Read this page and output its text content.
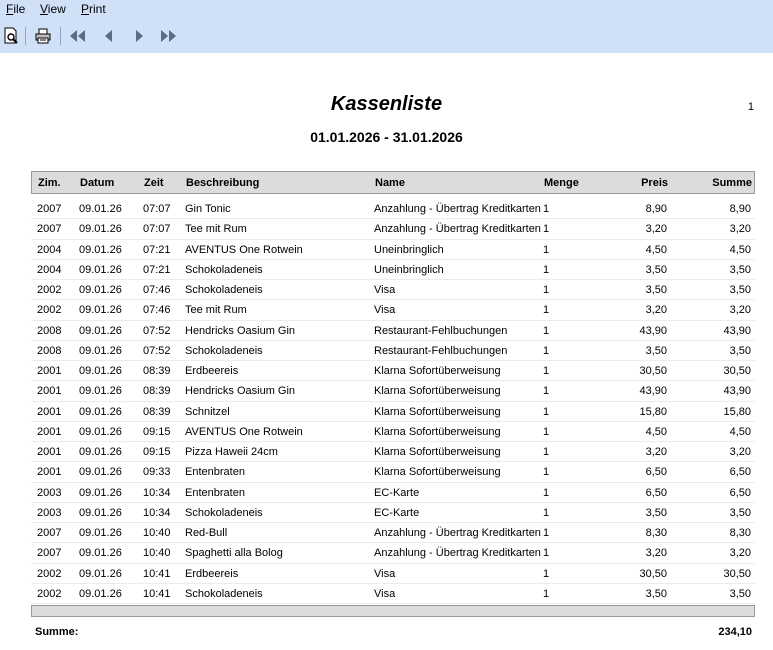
File View Print
Kassenliste	1
01.01.2026 - 31.01.2026
Zim. Datum	Zeit Beschreibung	Name	Menge	Preis	Summe
2007 09.01.26 07:07 Gin Tonic	Anzahlung - Übertrag Kreditkarten 1	8,90	8,90
2007 09.01.26 07:07 Tee mit Rum	Anzahlung - Übertrag Kreditkarten 1	3,20	3,20
2004 09.01.26 07:21 AVENTUS One Rotwein	Uneinbringlich	1	4,50	4,50
2004 09.01.26 07:21 Schokoladeneis	Uneinbringlich	1	3,50	3,50
2002 09.01.26 07:46 Schokoladeneis	Visa	1	3,50	3,50
2002 09.01.26 07:46 Tee mit Rum	Visa	1	3,20	3,20
2008 09.01.26 07:52 Hendricks Oasium Gin	Restaurant-Fehlbuchungen	1	43,90	43,90
2008 09.01.26 07:52 Schokoladeneis	Restaurant-Fehlbuchungen	1	3,50	3,50
2001 09.01.26 08:39 Erdbeereis	Klarna Sofortüberweisung	1	30,50	30,50
2001 09.01.26 08:39 Hendricks Oasium Gin	Klarna Sofortüberweisung	1	43,90	43,90
2001 09.01.26 08:39 Schnitzel	Klarna Sofortüberweisung	1	15,80	15,80
2001 09.01.26 09:15 AVENTUS One Rotwein	Klarna Sofortüberweisung	1	4,50	4,50
2001 09.01.26 09:15 Pizza Haweii 24cm	Klarna Sofortüberweisung	1	3,20	3,20
2001 09.01.26 09:33 Entenbraten	Klarna Sofortüberweisung	1	6,50	6,50
2003 09.01.26 10:34 Entenbraten	EC-Karte	1	6,50	6,50
2003 09.01.26 10:34 Schokoladeneis	EC-Karte	1	3,50	3,50
2007 09.01.26 10:40 Red-Bull	Anzahlung - Übertrag Kreditkarten 1	8,30	8,30
2007 09.01.26 10:40 Spaghetti alla Bolog	Anzahlung - Übertrag Kreditkarten 1	3,20	3,20
2002 09.01.26 10:41 Erdbeereis	Visa	1	30,50	30,50
2002 09.01.26 10:41 Schokoladeneis	Visa	1	3,50	3,50
Summe:	234,10
